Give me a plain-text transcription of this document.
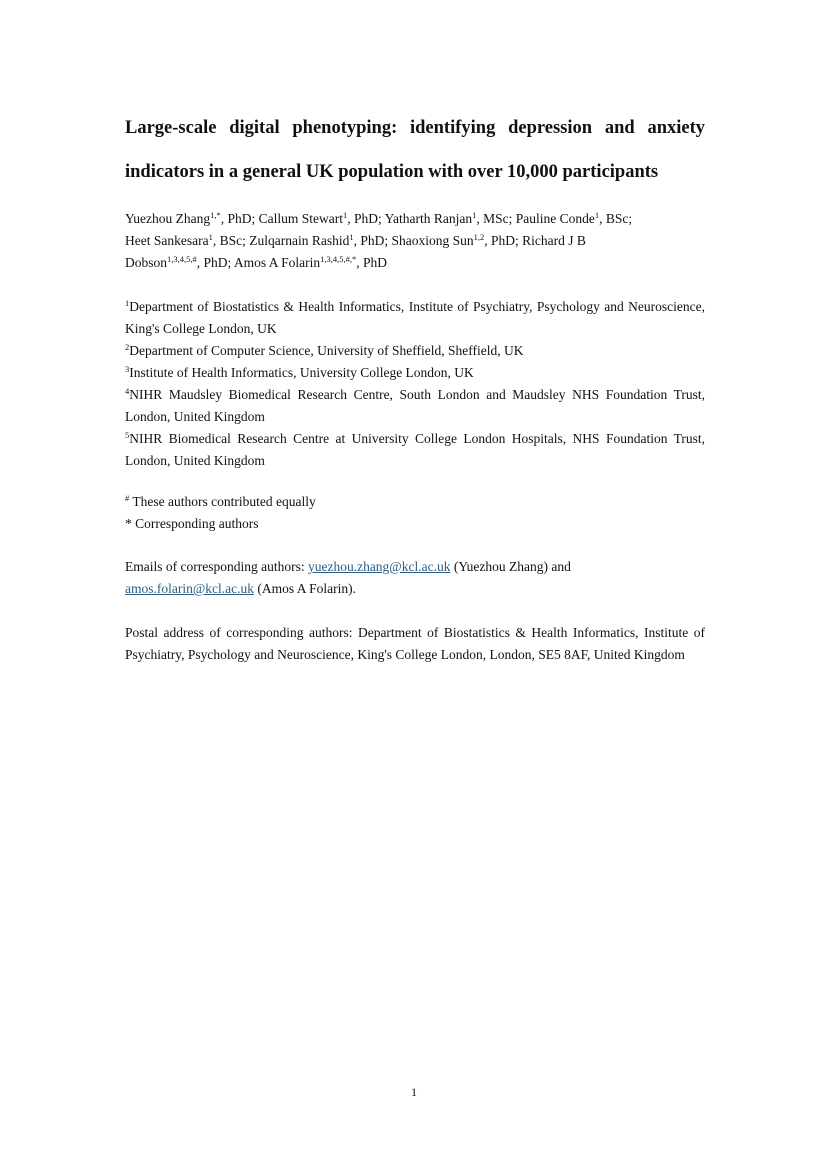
Large-scale digital phenotyping: identifying depression and anxiety indicators in a general UK population with over 10,000 participants
Yuezhou Zhang$^{1,*}$, PhD; Callum Stewart$^1$, PhD; Yatharth Ranjan$^1$, MSc; Pauline Conde$^1$, BSc;
Heet Sankesara$^1$, BSc; Zulqarnain Rashid$^1$, PhD; Shaoxiong Sun$^{1,2}$, PhD; Richard J B
Dobson$^{1,3,4,5,\#}$, PhD; Amos A Folarin$^{1,3,4,5,\#,*}$, PhD

$^1$Department of Biostatistics & Health Informatics, Institute of Psychiatry, Psychology and Neuroscience, King's College London, UK

$^2$Department of Computer Science, University of Sheffield, Sheffield, UK

$^3$Institute of Health Informatics, University College London, UK

$^4$NIHR Maudsley Biomedical Research Centre, South London and Maudsley NHS Foundation Trust, London, United Kingdom

$^5$NIHR Biomedical Research Centre at University College London Hospitals, NHS Foundation Trust, London, United Kingdom

# These authors contributed equally

* Corresponding authors

Emails of corresponding authors: yuezhou.zhang@kcl.ac.uk (Yuezhou Zhang) and

amos.folarin@kcl.ac.uk (Amos A Folarin).

Postal address of corresponding authors: Department of Biostatistics & Health Informatics, Institute of Psychiatry, Psychology and Neuroscience, King's College London, London, SE5 8AF, United Kingdom

1
